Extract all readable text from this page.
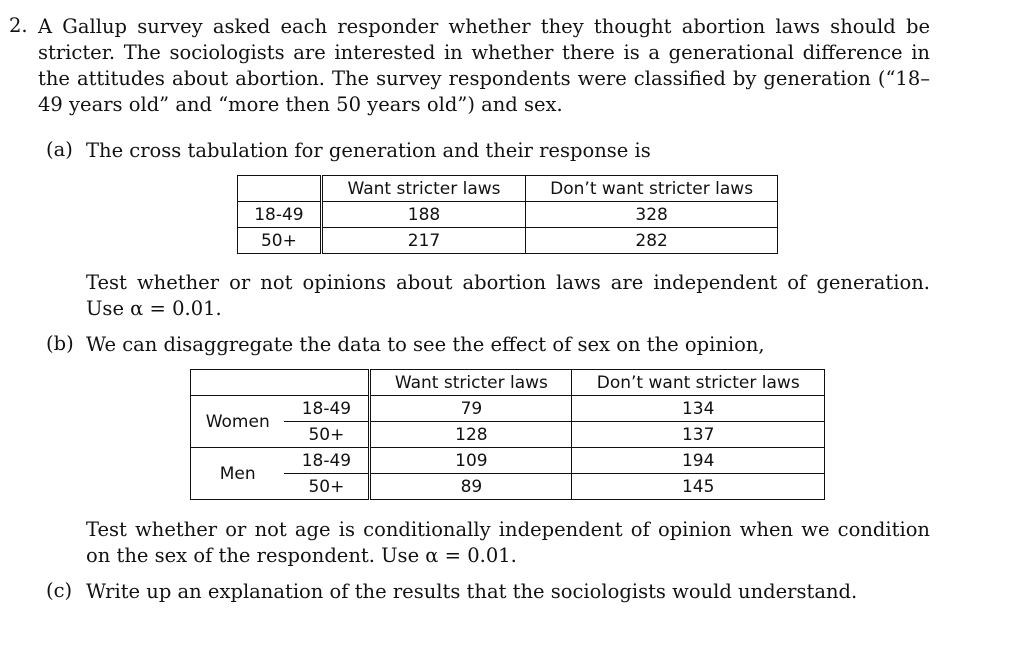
2. A Gallup survey asked each responder whether they thought abortion laws should be stricter. The sociologists are interested in whether there is a generational difference in the attitudes about abortion. The survey respondents were classified by generation (“18–49 years old” and “more then 50 years old”) and sex.
(a) The cross tabulation for generation and their response is
	Want stricter laws	Don’t want stricter laws
18-49	188	328
50+	217	282
Test whether or not opinions about abortion laws are independent of generation. Use α = 0.01.
(b) We can disaggregate the data to see the effect of sex on the opinion,
		Want stricter laws	Don’t want stricter laws
Women	18-49	79	134
	50+	128	137
Men	18-49	109	194
	50+	89	145
Test whether or not age is conditionally independent of opinion when we condition on the sex of the respondent. Use α = 0.01.
(c) Write up an explanation of the results that the sociologists would understand.
